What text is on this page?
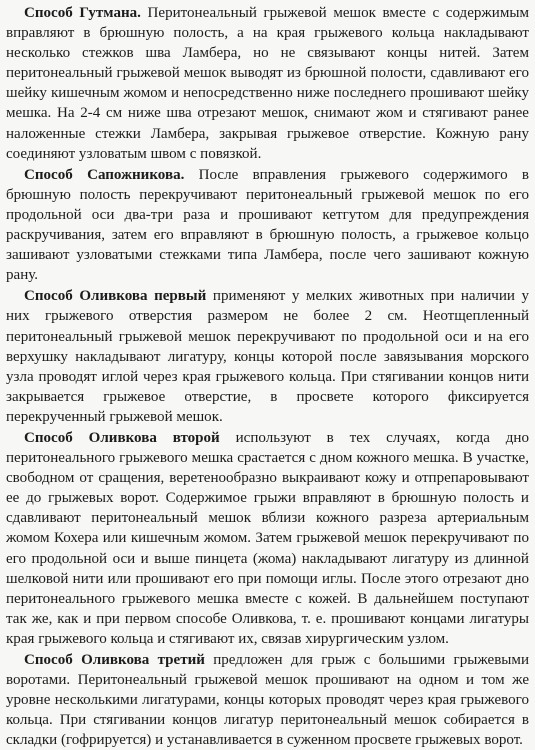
Способ Гутмана. Перитонеальный грыжевой мешок вместе с содержимым вправляют в брюшную полость, а на края грыжевого кольца накладывают несколько стежков шва Ламбера, но не связывают концы нитей. Затем перитонеальный грыжевой мешок выводят из брюшной полости, сдавливают его шейку кишечным жомом и непосредственно ниже последнего прошивают шейку мешка. На 2-4 см ниже шва отрезают мешок, снимают жом и стягивают ранее наложенные стежки Ламбера, закрывая грыжевое отверстие. Кожную рану соединяют узловатым швом с повязкой.

Способ Сапожникова. После вправления грыжевого содержимого в брюшную полость перекручивают перитонеальный грыжевой мешок по его продольной оси два-три раза и прошивают кетгутом для предупреждения раскручивания, затем его вправляют в брюшную полость, а грыжевое кольцо зашивают узловатыми стежками типа Ламбера, после чего зашивают кожную рану.

Способ Оливкова первый применяют у мелких животных при наличии у них грыжевого отверстия размером не более 2 см. Неотщепленный перитонеальный грыжевой мешок перекручивают по продольной оси и на его верхушку накладывают лигатуру, концы которой после завязывания морского узла проводят иглой через края грыжевого кольца. При стягивании концов нити закрывается грыжевое отверстие, в просвете которого фиксируется перекрученный грыжевой мешок.

Способ Оливкова второй используют в тех случаях, когда дно перитонеального грыжевого мешка срастается с дном кожного мешка. В участке, свободном от сращения, веретенообразно выкраивают кожу и отпрепаровывают ее до грыжевых ворот. Содержимое грыжи вправляют в брюшную полость и сдавливают перитонеальный мешок вблизи кожного разреза артериальным жомом Кохера или кишечным жомом. Затем грыжевой мешок перекручивают по его продольной оси и выше пинцета (жома) накладывают лигатуру из длинной шелковой нити или прошивают его при помощи иглы. После этого отрезают дно перитонеального грыжевого мешка вместе с кожей. В дальнейшем поступают так же, как и при первом способе Оливкова, т. е. прошивают концами лигатуры края грыжевого кольца и стягивают их, связав хирургическим узлом.

Способ Оливкова третий предложен для грыж с большими грыжевыми воротами. Перитонеальный грыжевой мешок прошивают на одном и том же уровне несколькими лигатурами, концы которых проводят через края грыжевого кольца. При стягивании концов лигатур перитонеальный мешок собирается в складки (гофрируется) и устанавливается в суженном просвете грыжевых ворот.
